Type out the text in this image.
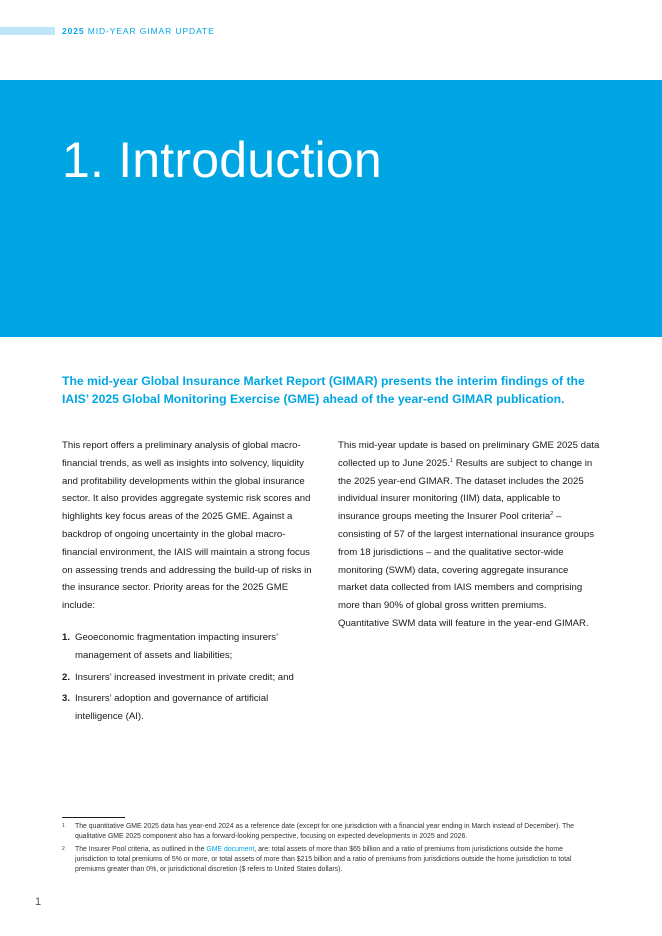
2025 MID-YEAR GIMAR UPDATE
1. Introduction

The mid-year Global Insurance Market Report (GIMAR) presents the interim findings of the IAIS’ 2025 Global Monitoring Exercise (GME) ahead of the year-end GIMAR publication.

This report offers a preliminary analysis of global macro-financial trends, as well as insights into solvency, liquidity and profitability developments within the global insurance sector. It also provides aggregate systemic risk scores and highlights key focus areas of the 2025 GME. Against a backdrop of ongoing uncertainty in the global macro-financial environment, the IAIS will maintain a strong focus on assessing trends and addressing the build-up of risks in the insurance sector. Priority areas for the 2025 GME include:

1. Geoeconomic fragmentation impacting insurers’ management of assets and liabilities;
2. Insurers’ increased investment in private credit; and
3. Insurers’ adoption and governance of artificial intelligence (AI).

This mid-year update is based on preliminary GME 2025 data collected up to June 2025.$^1$ Results are subject to change in the 2025 year-end GIMAR. The dataset includes the 2025 individual insurer monitoring (IIM) data, applicable to insurance groups meeting the Insurer Pool criteria$^2$ – consisting of 57 of the largest international insurance groups from 18 jurisdictions – and the qualitative sector-wide monitoring (SWM) data, covering aggregate insurance market data collected from IAIS members and comprising more than 90% of global gross written premiums. Quantitative SWM data will feature in the year-end GIMAR.

1 The quantitative GME 2025 data has year-end 2024 as a reference date (except for one jurisdiction with a financial year ending in March instead of December). The qualitative GME 2025 component also has a forward-looking perspective, focusing on expected developments in 2025 and 2026.
2 The Insurer Pool criteria, as outlined in the GME document, are: total assets of more than $65 billion and a ratio of premiums from jurisdictions outside the home jurisdiction to total premiums of 5% or more, or total assets of more than $215 billion and a ratio of premiums from jurisdictions outside the home jurisdiction to total premiums greater than 0%, or jurisdictional discretion ($ refers to United States dollars).
1
